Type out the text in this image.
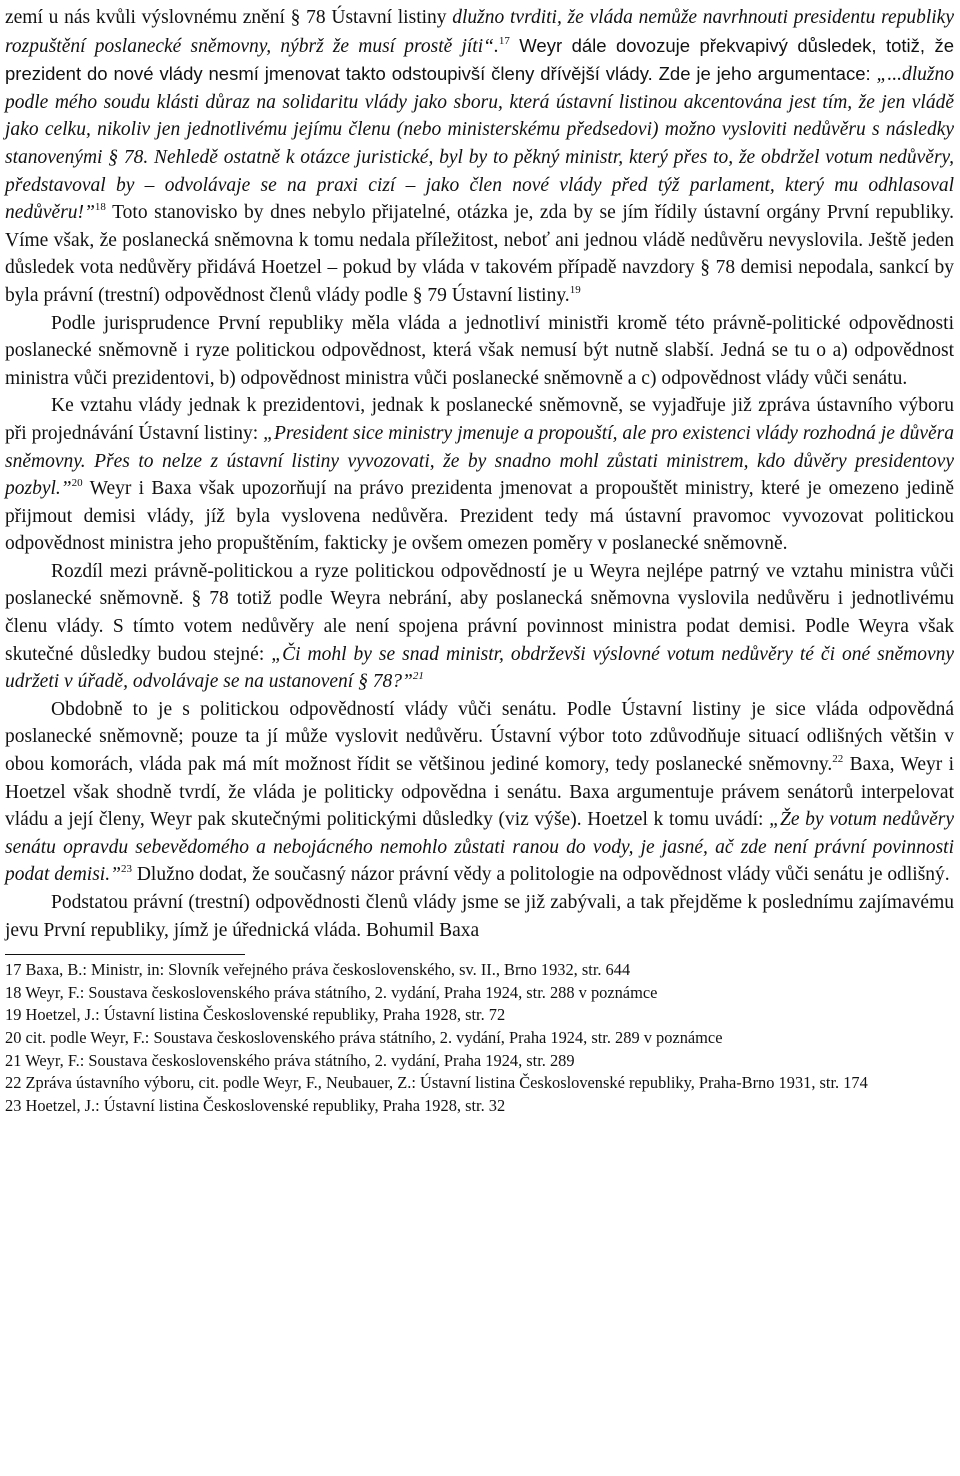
zemí u nás kvůli výslovnému znění § 78 Ústavní listiny dlužno tvrditi, že vláda nemůže navrhnouti presidentu republiky rozpuštění poslanecké sněmovny, nýbrž že musí prostě jíti“.$^{17}$ Weyr dále dovozuje překvapivý důsledek, totiž, že prezident do nové vlády nesmí jmenovat takto odstoupivší členy dřívější vlády. Zde je jeho argumentace: „...dlužno podle mého soudu klásti důraz na solidaritu vlády jako sboru, která ústavní listinou akcentována jest tím, že jen vládě jako celku, nikoliv jen jednotlivému jejímu členu (nebo ministerskému předsedovi) možno vysloviti nedůvěru s následky stanovenými § 78. Nehledě ostatně k otázce juristické, byl by to pěkný ministr, který přes to, že obdržel votum nedůvěry, představoval by – odvolávaje se na praxi cizí – jako člen nové vlády před týž parlament, který mu odhlasoval nedůvěru!”$^{18}$ Toto stanovisko by dnes nebylo přijatelné, otázka je, zda by se jím řídily ústavní orgány První republiky. Víme však, že poslanecká sněmovna k tomu nedala příležitost, neboť ani jednou vládě nedůvěru nevyslovila. Ještě jeden důsledek vota nedůvěry přidává Hoetzel – pokud by vláda v takovém případě navzdory § 78 demisi nepodala, sankcí by byla právní (trestní) odpovědnost členů vlády podle § 79 Ústavní listiny.$^{19}$

Podle jurisprudence První republiky měla vláda a jednotliví ministři kromě této právně-politické odpovědnosti poslanecké sněmovně i ryze politickou odpovědnost, která však nemusí být nutně slabší. Jedná se tu o a) odpovědnost ministra vůči prezidentovi, b) odpovědnost ministra vůči poslanecké sněmovně a c) odpovědnost vlády vůči senátu.

Ke vztahu vlády jednak k prezidentovi, jednak k poslanecké sněmovně, se vyjadřuje již zpráva ústavního výboru při projednávání Ústavní listiny: „President sice ministry jmenuje a propouští, ale pro existenci vlády rozhodná je důvěra sněmovny. Přes to nelze z ústavní listiny vyvozovati, že by snadno mohl zůstati ministrem, kdo důvěry presidentovy pozbyl.”$^{20}$ Weyr i Baxa však upozorňují na právo prezidenta jmenovat a propouštět ministry, které je omezeno jedině přijmout demisi vlády, jíž byla vyslovena nedůvěra. Prezident tedy má ústavní pravomoc vyvozovat politickou odpovědnost ministra jeho propuštěním, fakticky je ovšem omezen poměry v poslanecké sněmovně.

Rozdíl mezi právně-politickou a ryze politickou odpovědností je u Weyra nejlépe patrný ve vztahu ministra vůči poslanecké sněmovně. § 78 totiž podle Weyra nebrání, aby poslanecká sněmovna vyslovila nedůvěru i jednotlivému členu vlády. S tímto votem nedůvěry ale není spojena právní povinnost ministra podat demisi. Podle Weyra však skutečné důsledky budou stejné: „Či mohl by se snad ministr, obdrževši výslovné votum nedůvěry té či oné sněmovny udržeti v úřadě, odvolávaje se na ustanovení § 78?”$^{21}$

Obdobně to je s politickou odpovědností vlády vůči senátu. Podle Ústavní listiny je sice vláda odpovědná poslanecké sněmovně; pouze ta jí může vyslovit nedůvěru. Ústavní výbor toto zdůvodňuje situací odlišných většin v obou komorách, vláda pak má mít možnost řídit se většinou jediné komory, tedy poslanecké sněmovny.$^{22}$ Baxa, Weyr i Hoetzel však shodně tvrdí, že vláda je politicky odpovědna i senátu. Baxa argumentuje právem senátorů interpelovat vládu a její členy, Weyr pak skutečnými politickými důsledky (viz výše). Hoetzel k tomu uvádí: „Že by votum nedůvěry senátu opravdu sebevědomého a nebojácného nemohlo zůstati ranou do vody, je jasné, ač zde není právní povinnosti podat demisi.”$^{23}$ Dlužno dodat, že současný názor právní vědy a politologie na odpovědnost vlády vůči senátu je odlišný.

Podstatou právní (trestní) odpovědnosti členů vlády jsme se již zabývali, a tak přejděme k poslednímu zajímavému jevu První republiky, jímž je úřednická vláda. Bohumil Baxa

17 Baxa, B.: Ministr, in: Slovník veřejného práva československého, sv. II., Brno 1932, str. 644

18 Weyr, F.: Soustava československého práva státního, 2. vydání, Praha 1924, str. 288 v poznámce

19 Hoetzel, J.: Ústavní listina Československé republiky, Praha 1928, str. 72

20 cit. podle Weyr, F.: Soustava československého práva státního, 2. vydání, Praha 1924, str. 289 v poznámce

21 Weyr, F.: Soustava československého práva státního, 2. vydání, Praha 1924, str. 289

22 Zpráva ústavního výboru, cit. podle Weyr, F., Neubauer, Z.: Ústavní listina Československé republiky, Praha-Brno 1931, str. 174

23 Hoetzel, J.: Ústavní listina Československé republiky, Praha 1928, str. 32
